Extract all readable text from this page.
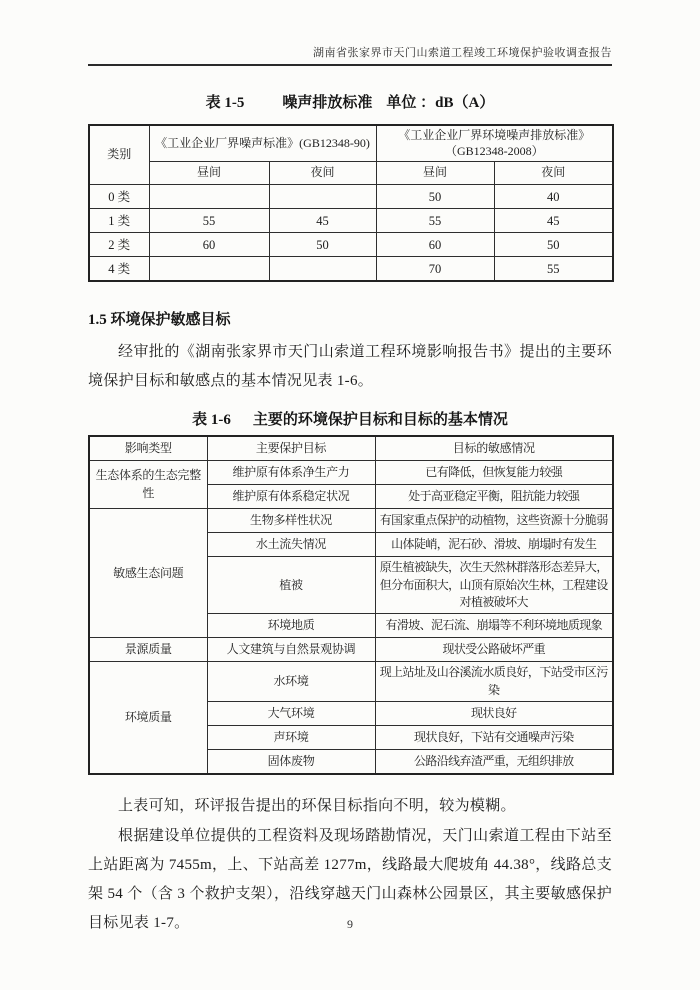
湖南省张家界市天门山索道工程竣工环境保护验收调查报告
表 1-5	噪声排放标准 单位 ：dB（A）
类别	《工业企业厂界噪声标准》(GB12348-90)		《工业企业厂界环境噪声排放标准》
（GB12348-2008）	

	昼间	夜间	昼间	夜间
0 类			50	40
1 类	55	45	55	45
2 类	60	50	60	50
4 类			70	55
1.5 环境保护敏感目标

经审批的《湖南张家界市天门山索道工程环境影响报告书》提出的主要环境保护目标和敏感点的基本情况见表 1-6。

表 1-6 主要的环境保护目标和目标的基本情况
影响类型	主要保护目标	目标的敏感情况
生态体系的生态完整性	维护原有体系净生产力	已有降低，但恢复能力较强
	维护原有体系稳定状况	处于高亚稳定平衡，阻抗能力较强
敏感生态问题	生物多样性状况	有国家重点保护的动植物，这些资源十分脆弱
	水土流失情况	山体陡峭，泥石砂、滑坡、崩塌时有发生
	植被	原生植被缺失，次生天然林群落形态差异大，但分布面积大，山顶有原始次生林，工程建设对植被破坏大
	环境地质	有滑坡、泥石流、崩塌等不利环境地质现象
景源质量	人文建筑与自然景观协调	现状受公路破坏严重
环境质量	水环境	现上站址及山谷溪流水质良好，下站受市区污染
	大气环境	现状良好
	声环境	现状良好，下站有交通噪声污染
	固体废物	公路沿线弃渣严重，无组织排放

上表可知，环评报告提出的环保目标指向不明，较为模糊。

根据建设单位提供的工程资料及现场踏勘情况，天门山索道工程由下站至上站距离为 7455m，上、下站高差 1277m，线路最大爬坡角 44.38°，线路总支架 54 个（含 3 个救护支架），沿线穿越天门山森林公园景区，其主要敏感保护目标见表 1-7。	9
